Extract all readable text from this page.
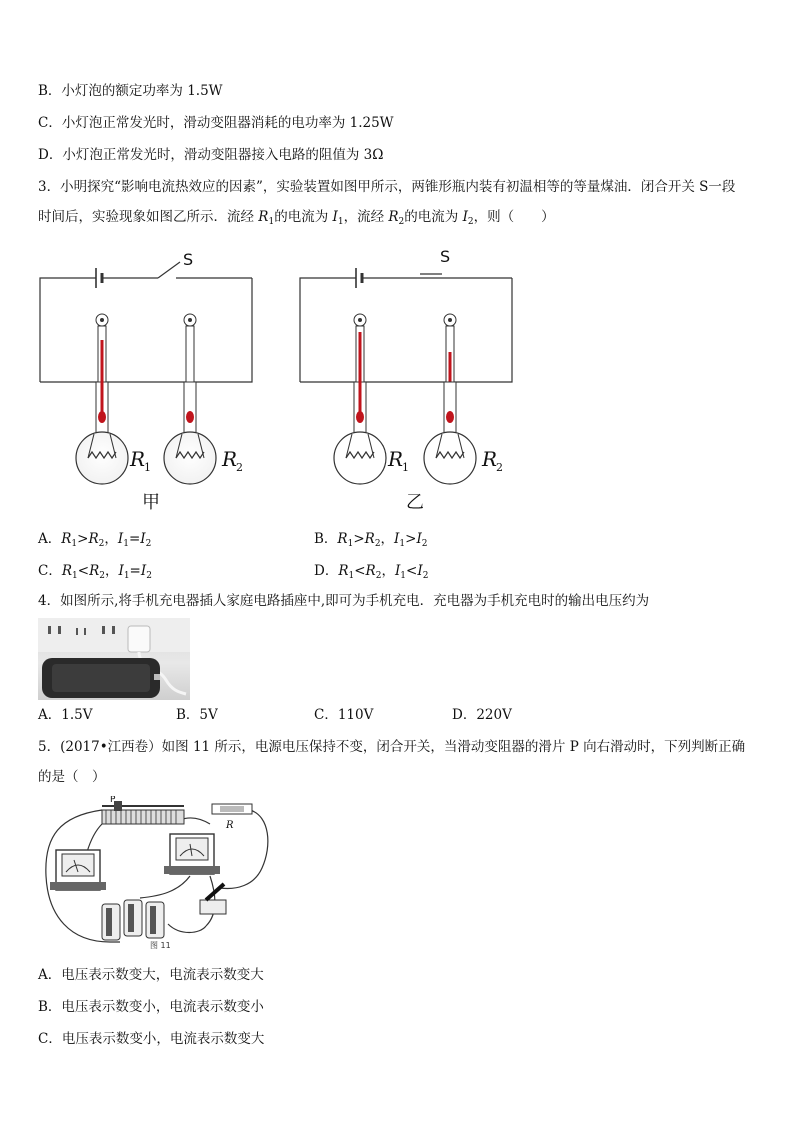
B．小灯泡的额定功率为 1.5W
C．小灯泡正常发光时，滑动变阻器消耗的电功率为 1.25W
D．小灯泡正常发光时，滑动变阻器接入电路的阻值为 3Ω
3．小明探究“影响电流热效应的因素”，实验装置如图甲所示，两锥形瓶内装有初温相等的等量煤油．闭合开关 S一段
时间后，实验现象如图乙所示．流经 $R_1$的电流为 $I_1$，流经 $R_2$的电流为 $I_2$，则（　　）
S
R
1	R
2
甲
S
R
1	R
2
乙
A．$R_1>R_2$，$I_1=I_2$	B．$R_1>R_2$，$I_1>I_2$
C．$R_1<R_2$，$I_1=I_2$	D．$R_1<R_2$，$I_1<I_2$
4．如图所示,将手机充电器插人家庭电路插座中,即可为手机充电．充电器为手机充电时的输出电压约为
A．1.5V	B．5V	C．110V	D．220V
5．(2017•江西卷）如图 11 所示，电源电压保持不变，闭合开关，当滑动变阻器的滑片 P 向右滑动时，下列判断正确
的是（　）
P
R
图 11
A．电压表示数变大，电流表示数变大
B．电压表示数变小，电流表示数变小
C．电压表示数变小，电流表示数变大
